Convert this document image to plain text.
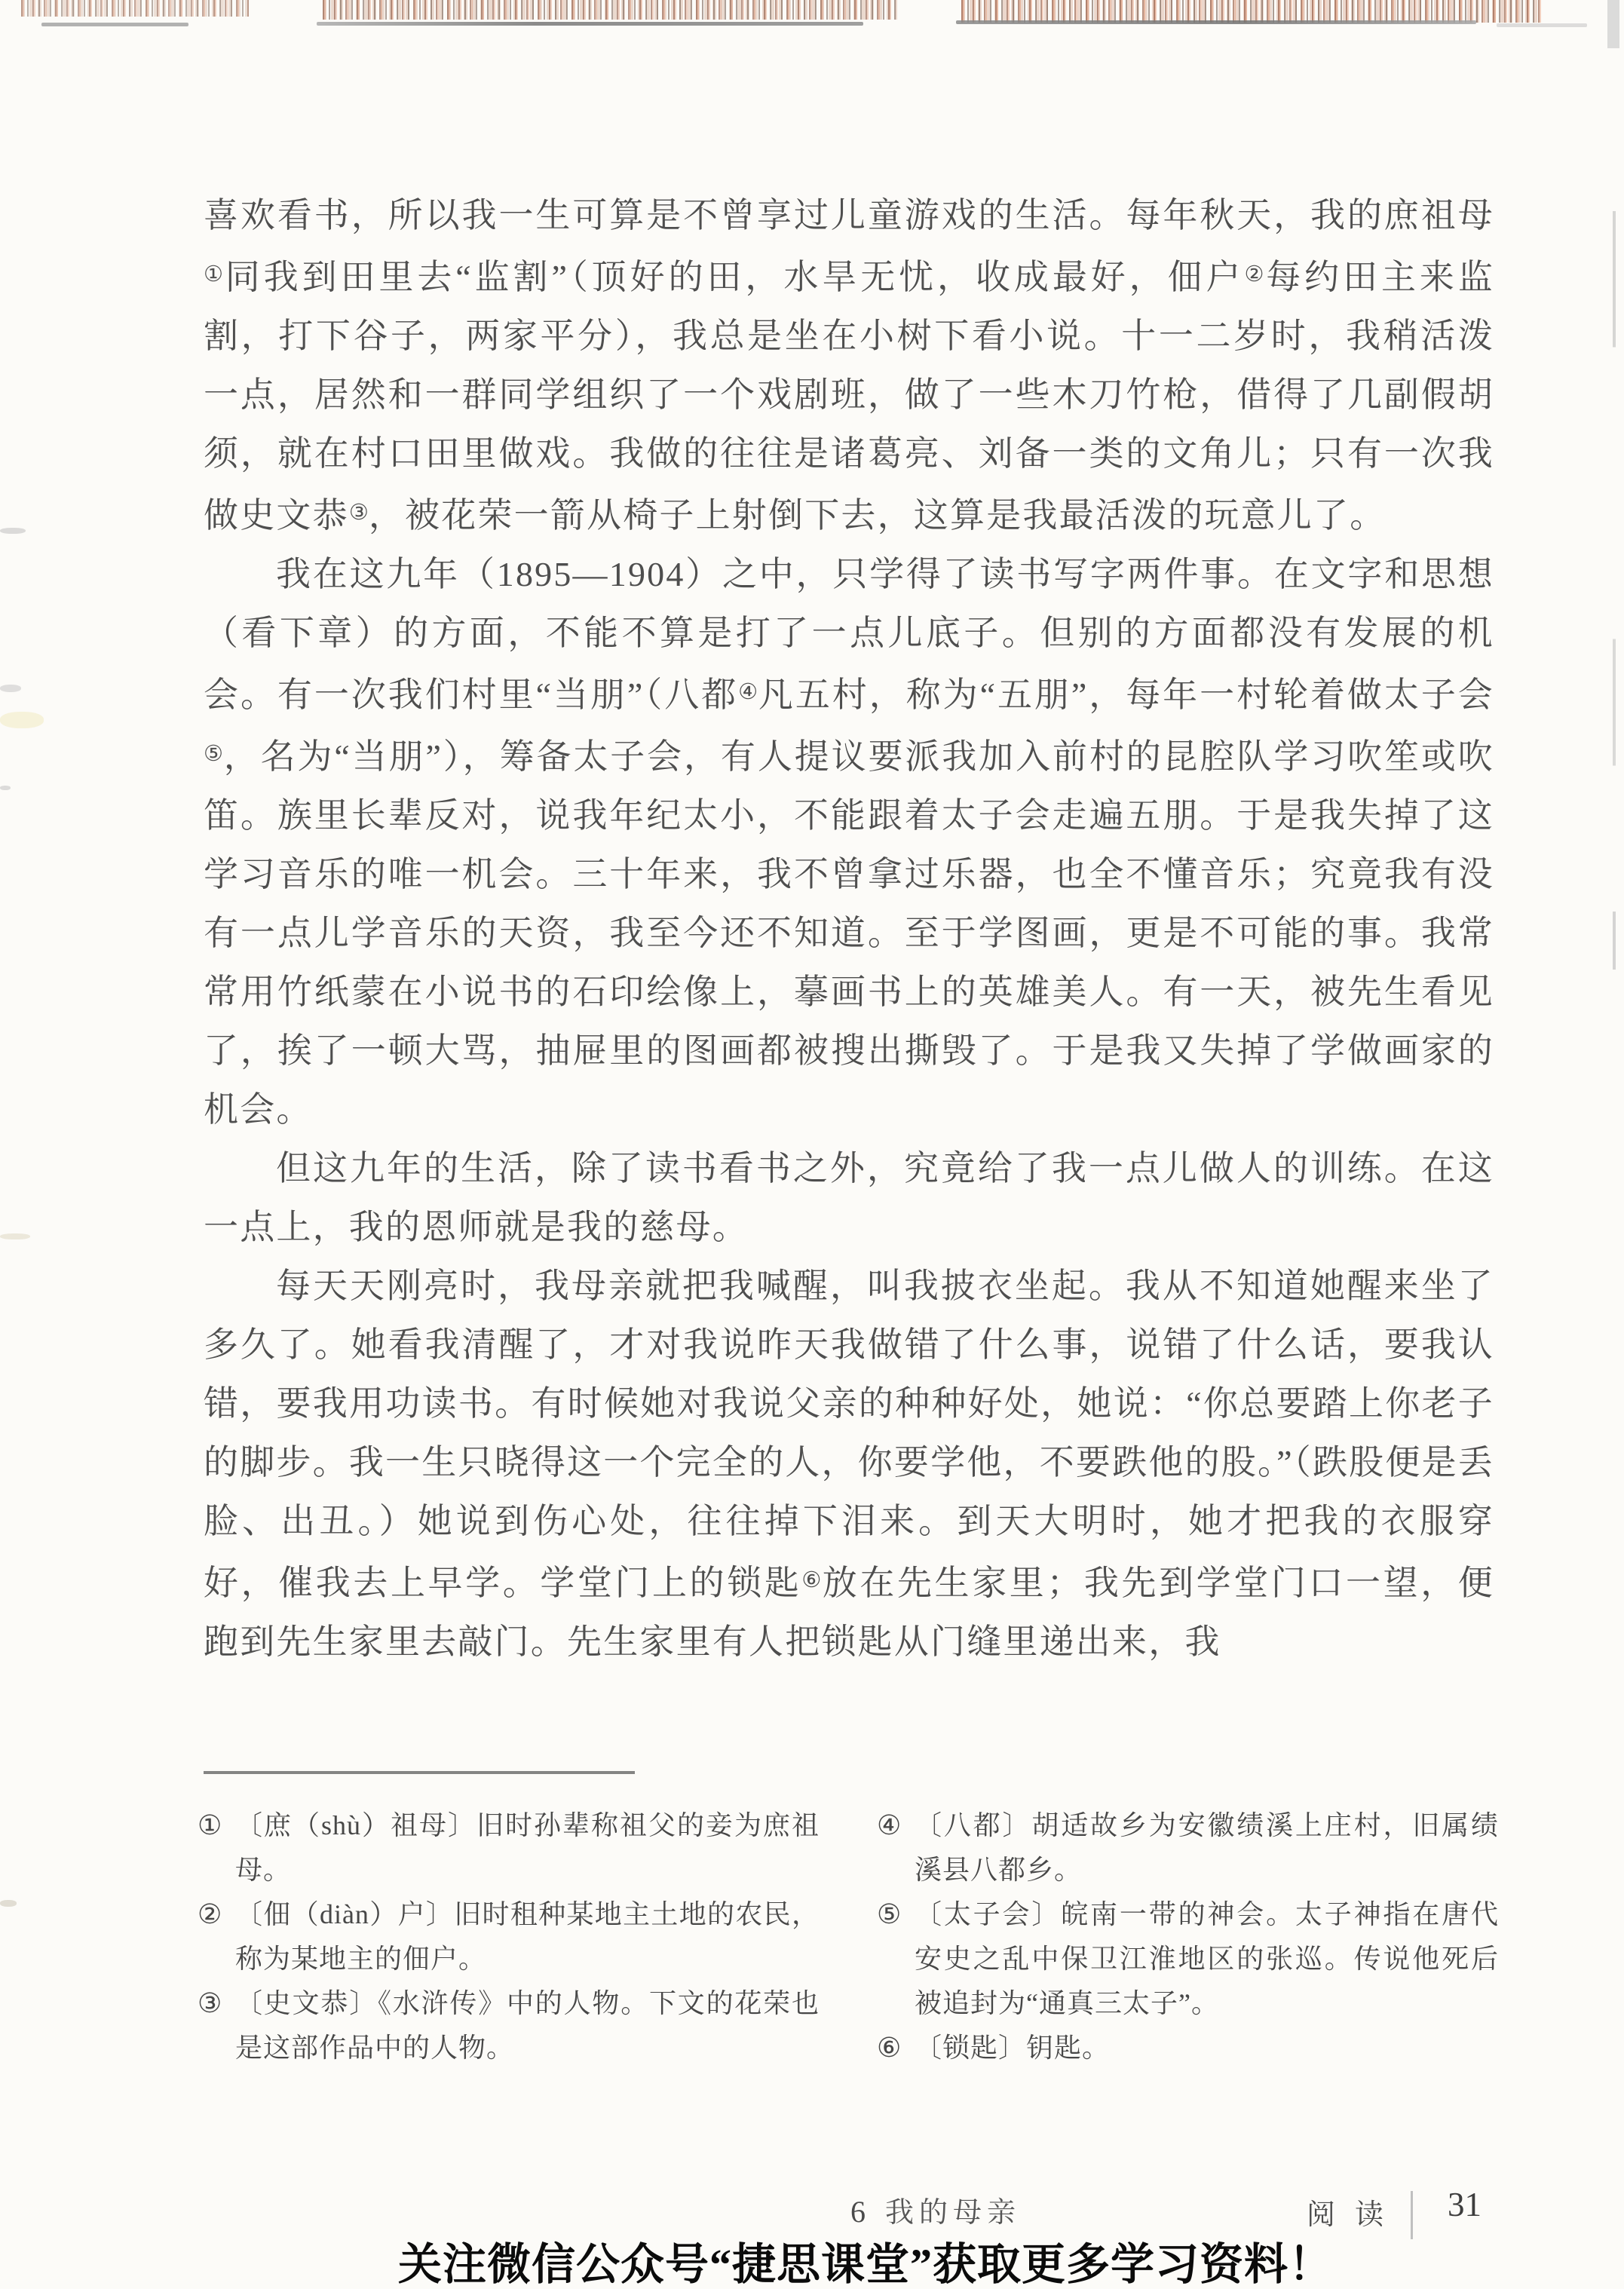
喜欢看书，所以我一生可算是不曾享过儿童游戏的生活。每年秋天，我的庶祖母①同我到田里去“监割”（顶好的田，水旱无忧，收成最好，佃户②每约田主来监割，打下谷子，两家平分），我总是坐在小树下看小说。十一二岁时，我稍活泼一点，居然和一群同学组织了一个戏剧班，做了一些木刀竹枪，借得了几副假胡须，就在村口田里做戏。我做的往往是诸葛亮、刘备一类的文角儿；只有一次我做史文恭③，被花荣一箭从椅子上射倒下去，这算是我最活泼的玩意儿了。

我在这九年（1895—1904）之中，只学得了读书写字两件事。在文字和思想（看下章）的方面，不能不算是打了一点儿底子。但别的方面都没有发展的机会。有一次我们村里“当朋”（八都④凡五村，称为“五朋”，每年一村轮着做太子会⑤，名为“当朋”），筹备太子会，有人提议要派我加入前村的昆腔队学习吹笙或吹笛。族里长辈反对，说我年纪太小，不能跟着太子会走遍五朋。于是我失掉了这学习音乐的唯一机会。三十年来，我不曾拿过乐器，也全不懂音乐；究竟我有没有一点儿学音乐的天资，我至今还不知道。至于学图画，更是不可能的事。我常常用竹纸蒙在小说书的石印绘像上，摹画书上的英雄美人。有一天，被先生看见了，挨了一顿大骂，抽屉里的图画都被搜出撕毁了。于是我又失掉了学做画家的机会。

但这九年的生活，除了读书看书之外，究竟给了我一点儿做人的训练。在这一点上，我的恩师就是我的慈母。

每天天刚亮时，我母亲就把我喊醒，叫我披衣坐起。我从不知道她醒来坐了多久了。她看我清醒了，才对我说昨天我做错了什么事，说错了什么话，要我认错，要我用功读书。有时候她对我说父亲的种种好处，她说：“你总要踏上你老子的脚步。我一生只晓得这一个完全的人，你要学他，不要跌他的股。”（跌股便是丢脸、出丑。）她说到伤心处，往往掉下泪来。到天大明时，她才把我的衣服穿好，催我去上早学。学堂门上的锁匙⑥放在先生家里；我先到学堂门口一望，便跑到先生家里去敲门。先生家里有人把锁匙从门缝里递出来，我

① 〔庶（shù）祖母〕旧时孙辈称祖父的妾为庶祖母。
② 〔佃（diàn）户〕旧时租种某地主土地的农民，称为某地主的佃户。
③ 〔史文恭〕《水浒传》中的人物。下文的花荣也是这部作品中的人物。
④ 〔八都〕胡适故乡为安徽绩溪上庄村，旧属绩溪县八都乡。
⑤ 〔太子会〕皖南一带的神会。太子神指在唐代安史之乱中保卫江淮地区的张巡。传说他死后被追封为“通真三太子”。
⑥ 〔锁匙〕钥匙。
6 我的母亲	阅读 31
关注微信公众号“捷思课堂”获取更多学习资料！
